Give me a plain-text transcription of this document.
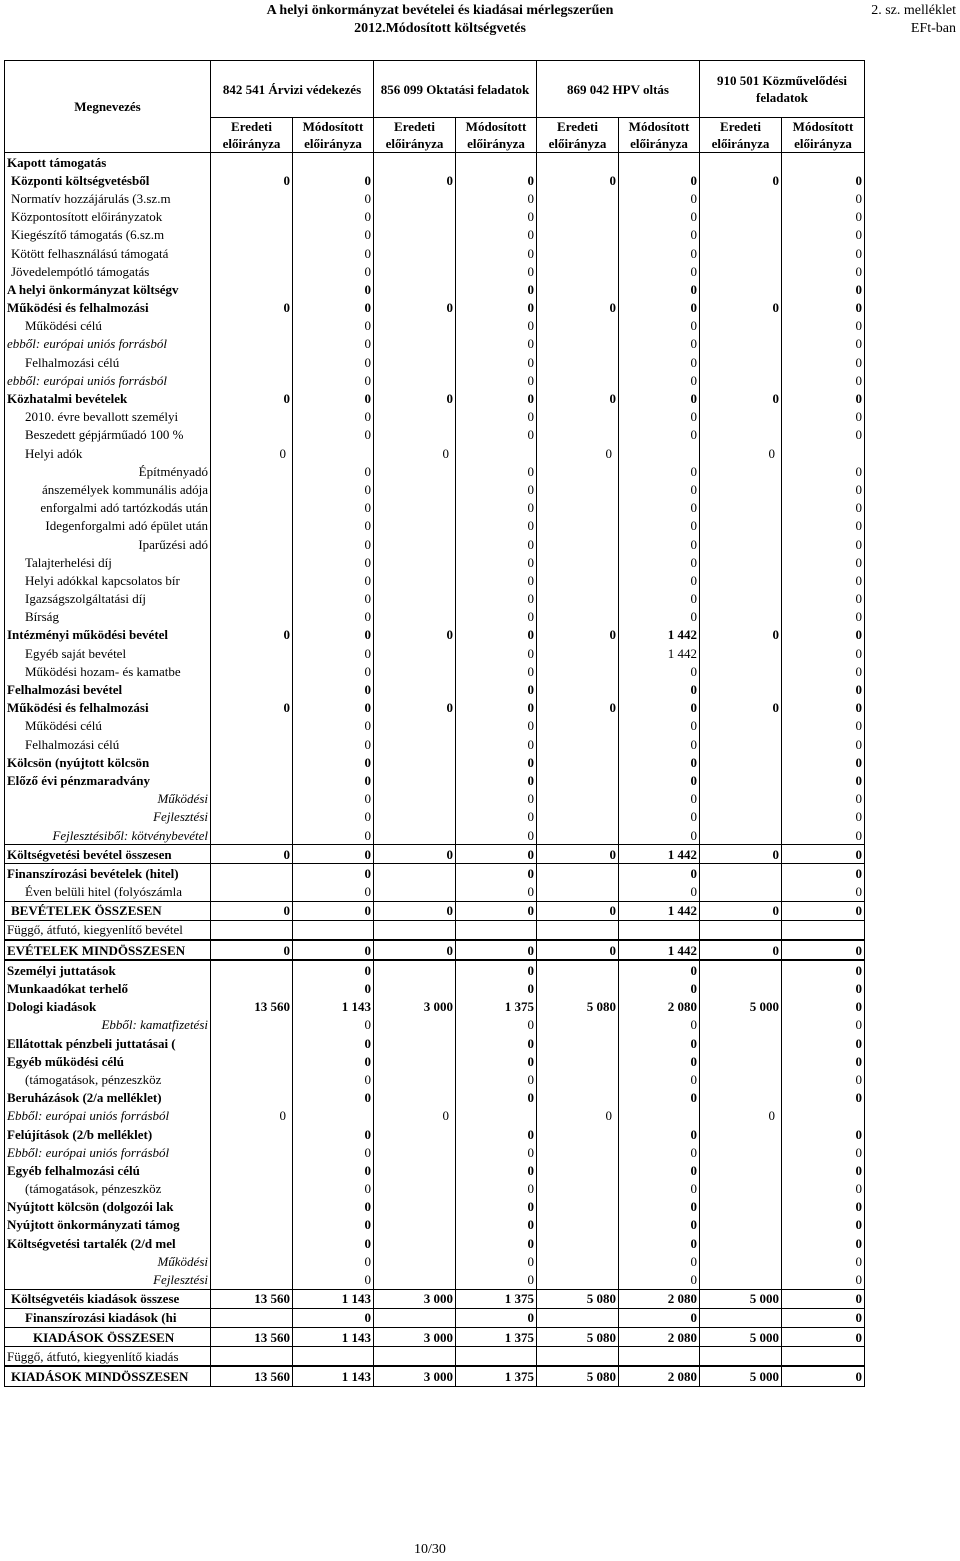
A helyi önkormányzat bevételei és kiadásai mérlegszerűen
2012.Módosított költségvetés
2. sz. melléklet
EFt-ban
Megnevezés	842 541 Árvizi védekezés		856 099 Oktatási feladatok		869 042 HPV oltás		910 501 Közművelődési feladatok	
	Eredeti előirányza	Módosított előirányza	Eredeti előirányza	Módosított előirányza	Eredeti előirányza	Módosított előirányza	Eredeti előirányza	Módosított előirányza
Kapott támogatás								
Központi költségvetésből	0	0	0	0	0	0	0	0
Normatív hozzájárulás (3.sz.m		0		0		0		0
Központosított előirányzatok		0		0		0		0
Kiegészítő támogatás (6.sz.m		0		0		0		0
Kötött felhasználású támogatá		0		0		0		0
Jövedelempótló támogatás		0		0		0		0
A helyi önkormányzat költségv		0		0		0		0
Működési és felhalmozási	0	0	0	0	0	0	0	0
Működési célú		0		0		0		0
ebből: európai uniós forrásból		0		0		0		0
Felhalmozási célú		0		0		0		0
ebből: európai uniós forrásból		0		0		0		0
Közhatalmi bevételek	0	0	0	0	0	0	0	0
2010. évre bevallott személyi		0		0		0		0
Beszedett gépjárműadó 100 %		0		0		0		0
Helyi adók	0		0		0		0	
Építményadó		0		0		0		0
ánszemélyek kommunális adója		0		0		0		0
enforgalmi adó tartózkodás után		0		0		0		0
Idegenforgalmi adó épület után		0		0		0		0
Iparűzési adó		0		0		0		0
Talajterhelési díj		0		0		0		0
Helyi adókkal kapcsolatos bír		0		0		0		0
Igazságszolgáltatási díj		0		0		0		0
Bírság		0		0		0		0
Intézményi működési bevétel	0	0	0	0	0	1 442	0	0
Egyéb saját bevétel		0		0		1 442		0
Működési hozam- és kamatbe		0		0		0		0
Felhalmozási bevétel		0		0		0		0
Működési és felhalmozási	0	0	0	0	0	0	0	0
Működési célú		0		0		0		0
Felhalmozási célú		0		0		0		0
Kölcsön (nyújtott kölcsön		0		0		0		0
Előző évi pénzmaradvány		0		0		0		0
Működési		0		0		0		0
Fejlesztési		0		0		0		0
Fejlesztésiből: kötvénybevétel		0		0		0		0
Költségvetési bevétel összesen	0	0	0	0	0	1 442	0	0
Finanszírozási bevételek (hitel)		0		0		0		0
Éven belüli hitel (folyószámla		0		0		0		0
BEVÉTELEK ÖSSZESEN	0	0	0	0	0	1 442	0	0
Függő, átfutó, kiegyenlítő bevétel								
EVÉTELEK MINDÖSSZESEN	0	0	0	0	0	1 442	0	0
Személyi juttatások		0		0		0		0
Munkaadókat terhelő		0		0		0		0
Dologi kiadások	13 560	1 143	3 000	1 375	5 080	2 080	5 000	0
Ebből: kamatfizetési		0		0		0		0
Ellátottak pénzbeli juttatásai (		0		0		0		0
Egyéb működési célú		0		0		0		0
(támogatások, pénzeszköz		0		0		0		0
Beruházások (2/a melléklet)		0		0		0		0
Ebből: európai uniós forrásból	0		0		0		0	
Felújítások (2/b melléklet)		0		0		0		0
Ebből: európai uniós forrásból		0		0		0		0
Egyéb felhalmozási célú		0		0		0		0
(támogatások, pénzeszköz		0		0		0		0
Nyújtott kölcsön (dolgozói lak		0		0		0		0
Nyújtott önkormányzati támog		0		0		0		0
Költségvetési tartalék (2/d mel		0		0		0		0
Működési		0		0		0		0
Fejlesztési		0		0		0		0
Költségvetéis kiadások összese	13 560	1 143	3 000	1 375	5 080	2 080	5 000	0
Finanszírozási kiadások (hi		0		0		0		0
KIADÁSOK ÖSSZESEN	13 560	1 143	3 000	1 375	5 080	2 080	5 000	0
Függő, átfutó, kiegyenlítő kiadás								
KIADÁSOK MINDÖSSZESEN	13 560	1 143	3 000	1 375	5 080	2 080	5 000	0
10/30
